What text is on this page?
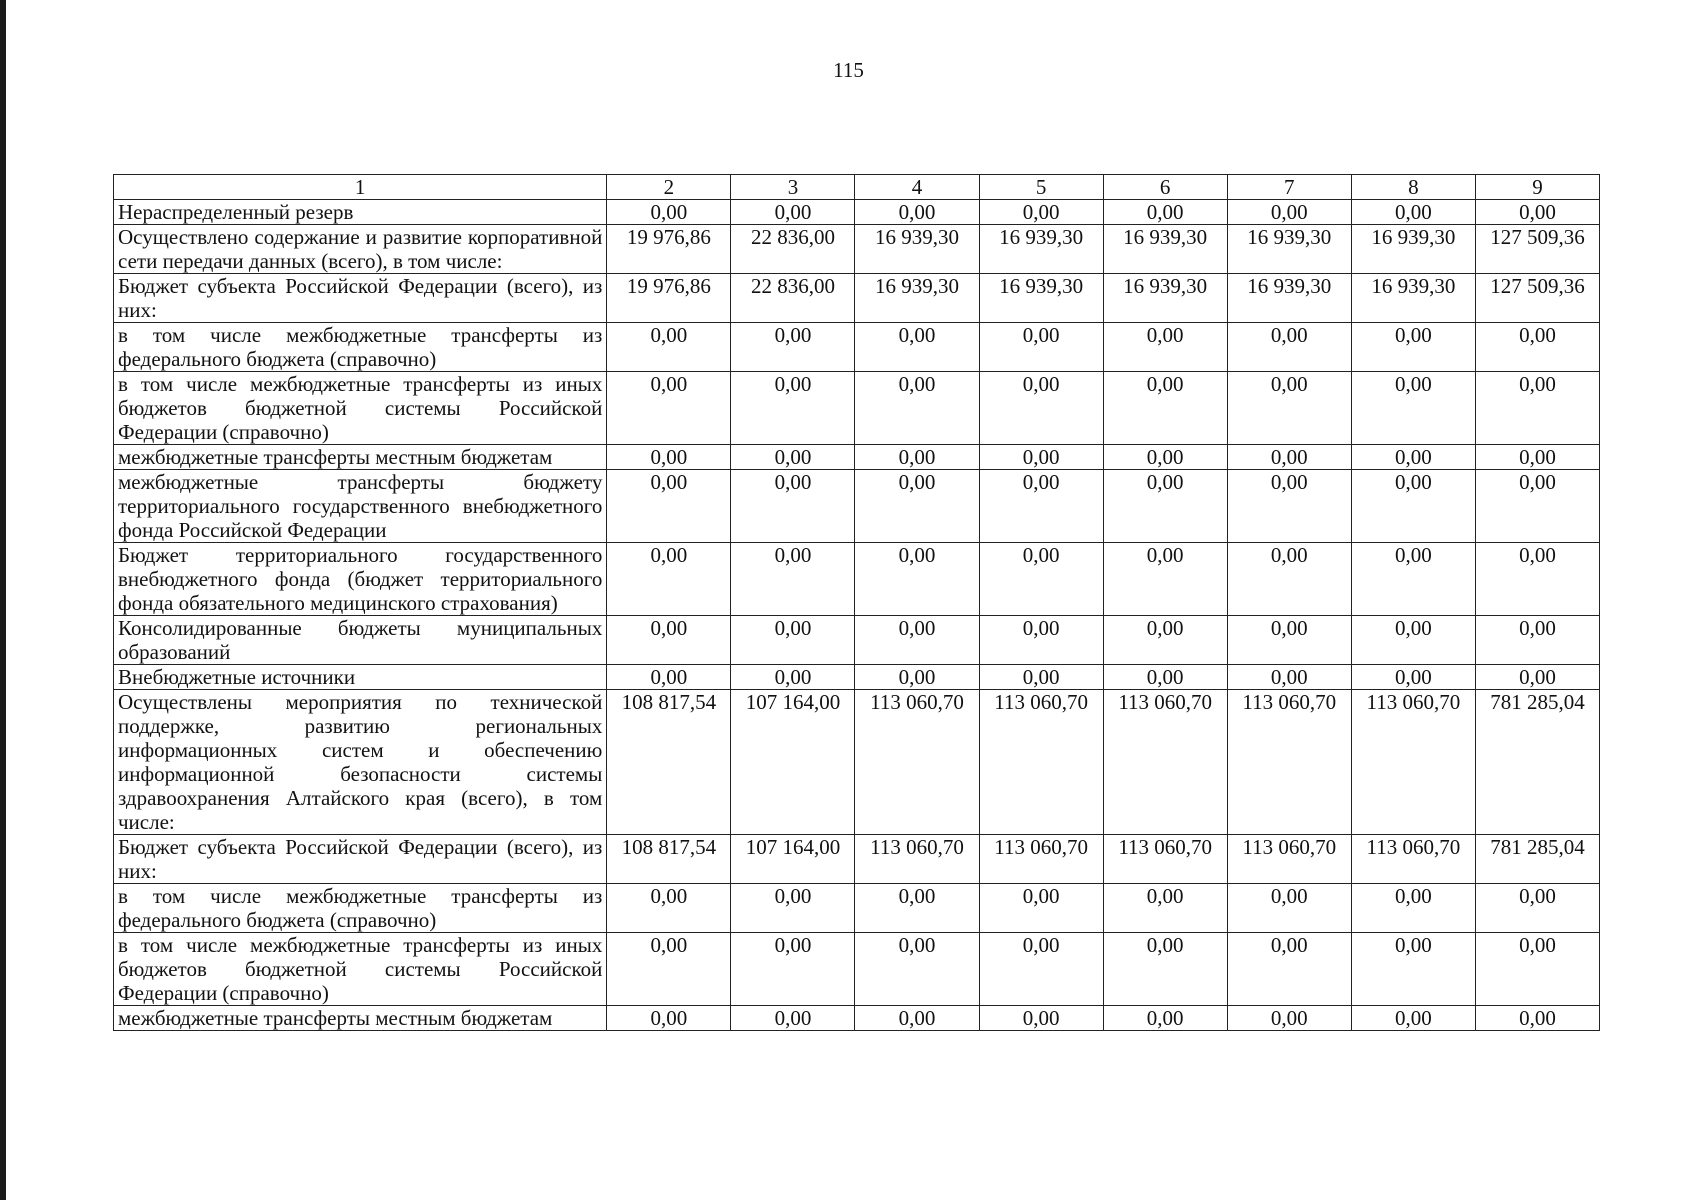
115
1	2	3	4	5	6	7	8	9
Нераспределенный резерв	0,00	0,00	0,00	0,00	0,00	0,00	0,00	0,00
Осуществлено содержание и развитие корпоративной сети передачи данных (всего), в том числе:	19 976,86	22 836,00	16 939,30	16 939,30	16 939,30	16 939,30	16 939,30	127 509,36
Бюджет субъекта Российской Федерации (всего), из них:	19 976,86	22 836,00	16 939,30	16 939,30	16 939,30	16 939,30	16 939,30	127 509,36
в том числе межбюджетные трансферты из федерального бюджета (справочно)	0,00	0,00	0,00	0,00	0,00	0,00	0,00	0,00
в том числе межбюджетные трансферты из иных бюджетов бюджетной системы Российской Федерации (справочно)	0,00	0,00	0,00	0,00	0,00	0,00	0,00	0,00
межбюджетные трансферты местным бюджетам	0,00	0,00	0,00	0,00	0,00	0,00	0,00	0,00
межбюджетные трансферты бюджету территориального государственного внебюджетного фонда Российской Федерации	0,00	0,00	0,00	0,00	0,00	0,00	0,00	0,00
Бюджет территориального государственного внебюджетного фонда (бюджет территориального фонда обязательного медицинского страхования)	0,00	0,00	0,00	0,00	0,00	0,00	0,00	0,00
Консолидированные бюджеты муниципальных образований	0,00	0,00	0,00	0,00	0,00	0,00	0,00	0,00
Внебюджетные источники	0,00	0,00	0,00	0,00	0,00	0,00	0,00	0,00
Осуществлены мероприятия по технической поддержке, развитию региональных информационных систем и обеспечению информационной безопасности системы здравоохранения Алтайского края (всего), в том числе:	108 817,54	107 164,00	113 060,70	113 060,70	113 060,70	113 060,70	113 060,70	781 285,04
Бюджет субъекта Российской Федерации (всего), из них:	108 817,54	107 164,00	113 060,70	113 060,70	113 060,70	113 060,70	113 060,70	781 285,04
в том числе межбюджетные трансферты из федерального бюджета (справочно)	0,00	0,00	0,00	0,00	0,00	0,00	0,00	0,00
в том числе межбюджетные трансферты из иных бюджетов бюджетной системы Российской Федерации (справочно)	0,00	0,00	0,00	0,00	0,00	0,00	0,00	0,00
межбюджетные трансферты местным бюджетам	0,00	0,00	0,00	0,00	0,00	0,00	0,00	0,00
